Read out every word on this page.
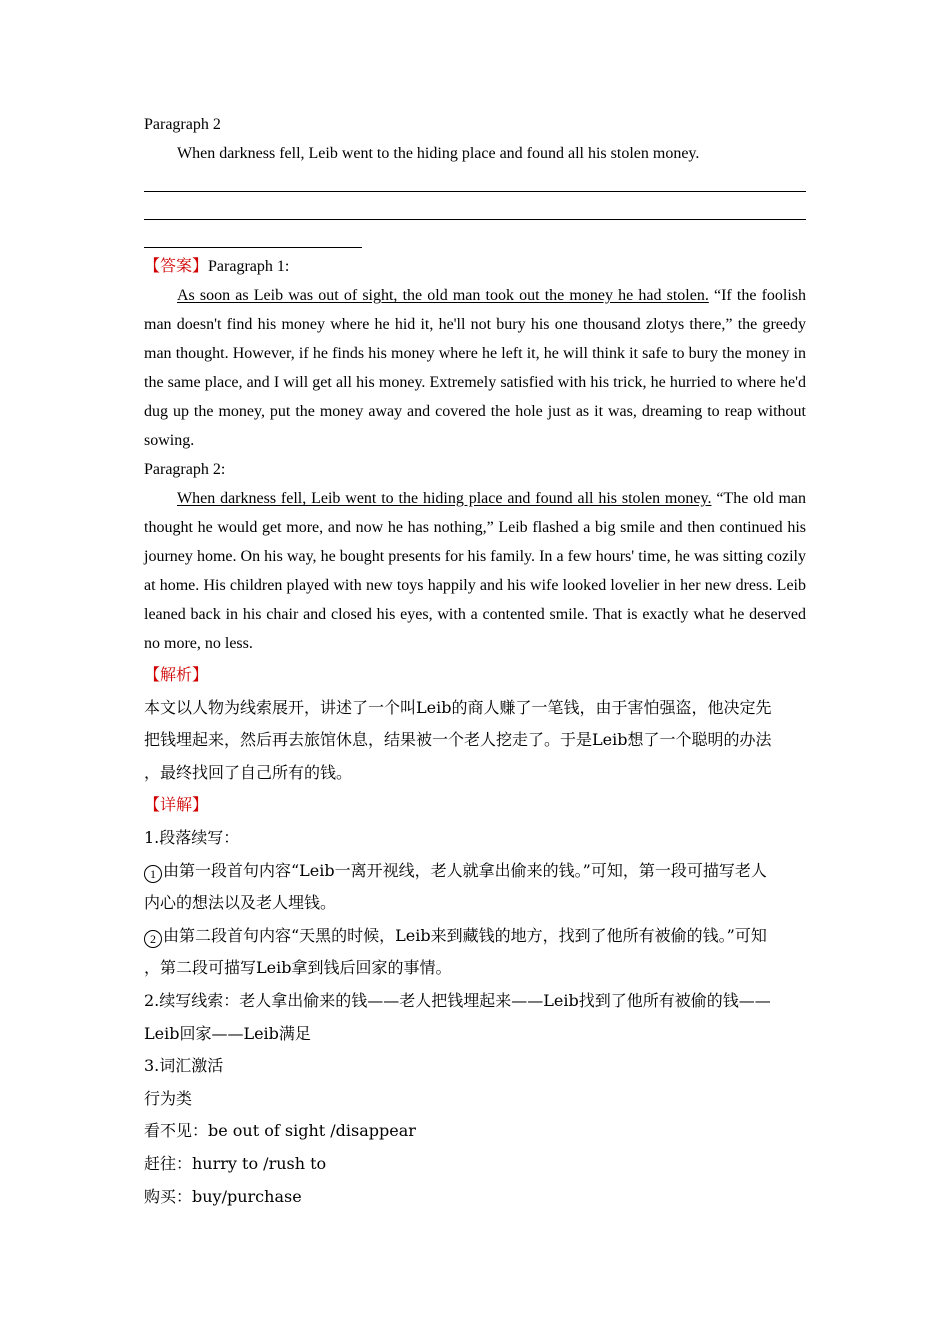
Paragraph 2
When darkness fell, Leib went to the hiding place and found all his stolen money.
【答案】Paragraph 1:

As soon as Leib was out of sight, the old man took out the money he had stolen. “If the foolish man doesn't find his money where he hid it, he'll not bury his one thousand zlotys there,” the greedy man thought. However, if he finds his money where he left it, he will think it safe to bury the money in the same place, and I will get all his money. Extremely satisfied with his trick, he hurried to where he'd dug up the money, put the money away and covered the hole just as it was, dreaming to reap without sowing.

Paragraph 2:

When darkness fell, Leib went to the hiding place and found all his stolen money. “The old man thought he would get more, and now he has nothing,” Leib flashed a big smile and then continued his journey home. On his way, he bought presents for his family. In a few hours' time, he was sitting cozily at home. His children played with new toys happily and his wife looked lovelier in her new dress. Leib leaned back in his chair and closed his eyes, with a contented smile. That is exactly what he deserved no more, no less.

【解析】
本文以人物为线索展开，讲述了一个叫Leib的商人赚了一笔钱，由于害怕强盗，他决定先
把钱埋起来，然后再去旅馆休息，结果被一个老人挖走了。于是Leib想了一个聪明的办法
，最终找回了自己所有的钱。
【详解】
1.段落续写：
1 由第一段首句内容“Leib一离开视线，老人就拿出偷来的钱。”可知，第一段可描写老人
内心的想法以及老人埋钱。
2 由第二段首句内容“天黑的时候，Leib来到藏钱的地方，找到了他所有被偷的钱。”可知
，第二段可描写Leib拿到钱后回家的事情。
2.续写线索：老人拿出偷来的钱——老人把钱埋起来——Leib找到了他所有被偷的钱——
Leib回家——Leib满足
3.词汇激活
行为类
看不见：be out of sight /disappear
赶往：hurry to /rush to
购买：buy/purchase
